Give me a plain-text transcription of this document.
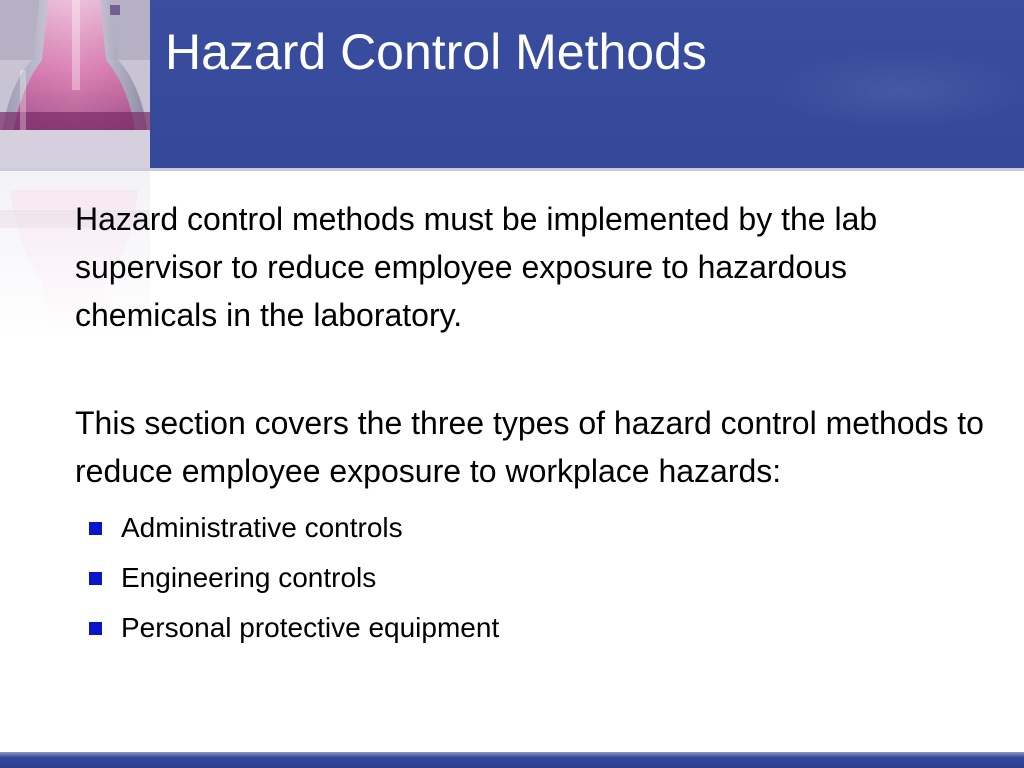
Hazard Control Methods

Hazard control methods must be implemented by the lab supervisor to reduce employee exposure to hazardous chemicals in the laboratory.

This section covers the three types of hazard control methods to reduce employee exposure to workplace hazards:

Administrative controls
Engineering controls
Personal protective equipment
